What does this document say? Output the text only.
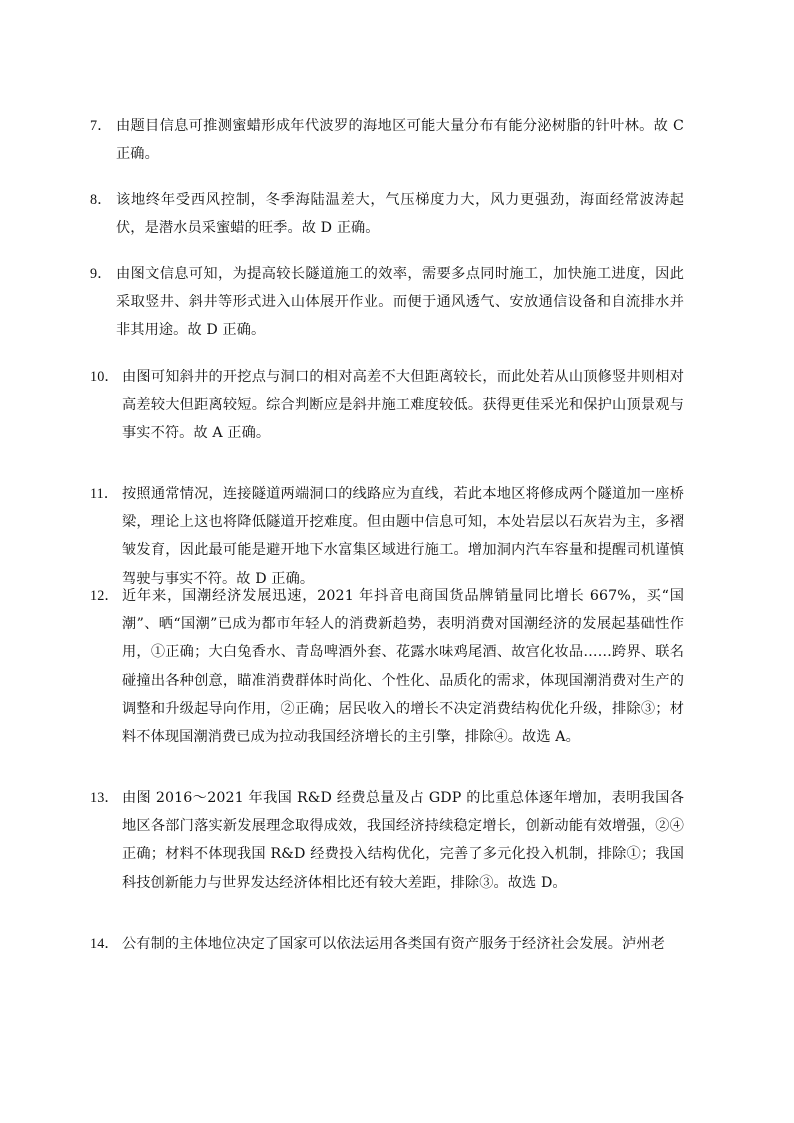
7． 由题目信息可推测蜜蜡形成年代波罗的海地区可能大量分布有能分泌树脂的针叶林。故 C 正确。
8． 该地终年受西风控制，冬季海陆温差大，气压梯度力大，风力更强劲，海面经常波涛起伏，是潜水员采蜜蜡的旺季。故 D 正确。
9． 由图文信息可知，为提高较长隧道施工的效率，需要多点同时施工，加快施工进度，因此采取竖井、斜井等形式进入山体展开作业。而便于通风透气、安放通信设备和自流排水并非其用途。故 D 正确。
10． 由图可知斜井的开挖点与洞口的相对高差不大但距离较长，而此处若从山顶修竖井则相对高差较大但距离较短。综合判断应是斜井施工难度较低。获得更佳采光和保护山顶景观与事实不符。故 A 正确。
11． 按照通常情况，连接隧道两端洞口的线路应为直线，若此本地区将修成两个隧道加一座桥梁，理论上这也将降低隧道开挖难度。但由题中信息可知，本处岩层以石灰岩为主，多褶皱发育，因此最可能是避开地下水富集区域进行施工。增加洞内汽车容量和提醒司机谨慎驾驶与事实不符。故 D 正确。
12． 近年来，国潮经济发展迅速，2021 年抖音电商国货品牌销量同比增长 667%，买“国潮”、晒“国潮”已成为都市年轻人的消费新趋势，表明消费对国潮经济的发展起基础性作用，①正确；大白兔香水、青岛啤酒外套、花露水味鸡尾酒、故宫化妆品……跨界、联名碰撞出各种创意，瞄准消费群体时尚化、个性化、品质化的需求，体现国潮消费对生产的调整和升级起导向作用，②正确；居民收入的增长不决定消费结构优化升级，排除③；材料不体现国潮消费已成为拉动我国经济增长的主引擎，排除④。故选 A。
13． 由图 2016～2021 年我国 R&D 经费总量及占 GDP 的比重总体逐年增加，表明我国各地区各部门落实新发展理念取得成效，我国经济持续稳定增长，创新动能有效增强，②④正确；材料不体现我国 R&D 经费投入结构优化，完善了多元化投入机制，排除①；我国科技创新能力与世界发达经济体相比还有较大差距，排除③。故选 D。
14． 公有制的主体地位决定了国家可以依法运用各类国有资产服务于经济社会发展。泸州老
